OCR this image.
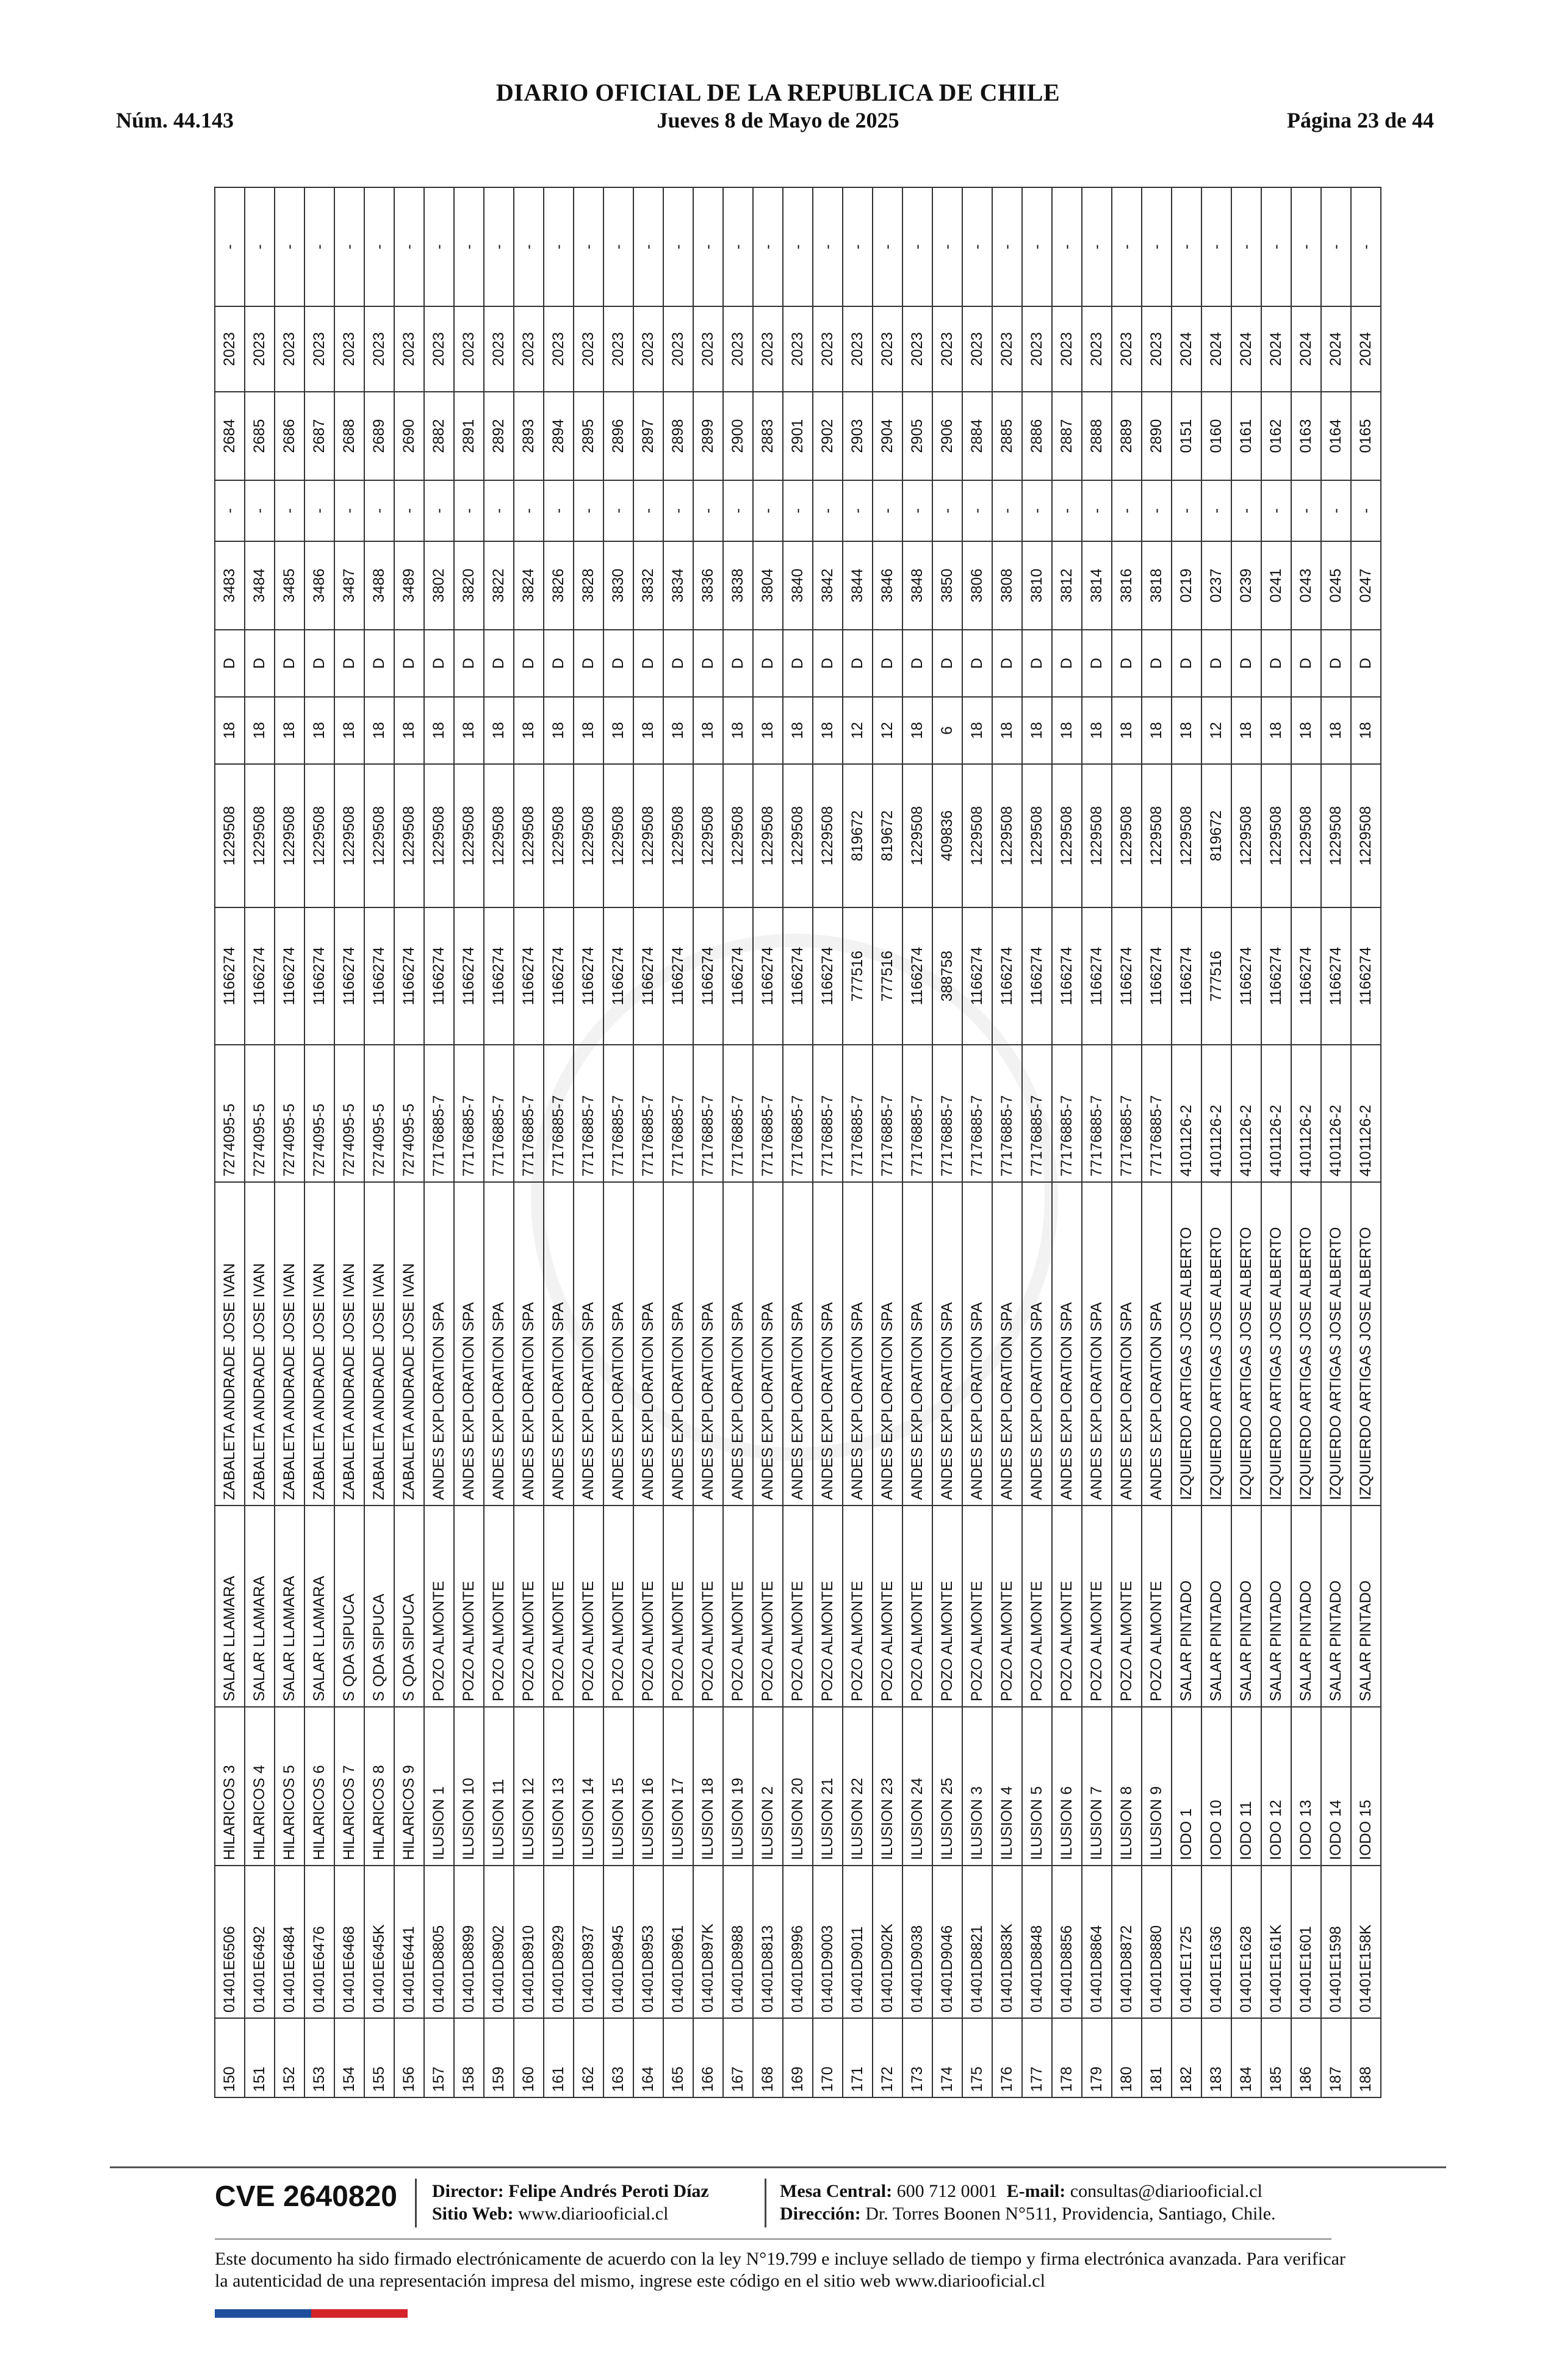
DIARIO OFICIAL DE LA REPUBLICA DE CHILE
Núm. 44.143	Jueves 8 de Mayo de 2025	Página 23 de 44
150	01401E6506	HILARICOS 3	SALAR LLAMARA	ZABALETA ANDRADE JOSE IVAN	7274095-5	1166274	1229508	18	D	3483	-	2684	2023	-
151	01401E6492	HILARICOS 4	SALAR LLAMARA	ZABALETA ANDRADE JOSE IVAN	7274095-5	1166274	1229508	18	D	3484	-	2685	2023	-
152	01401E6484	HILARICOS 5	SALAR LLAMARA	ZABALETA ANDRADE JOSE IVAN	7274095-5	1166274	1229508	18	D	3485	-	2686	2023	-
153	01401E6476	HILARICOS 6	SALAR LLAMARA	ZABALETA ANDRADE JOSE IVAN	7274095-5	1166274	1229508	18	D	3486	-	2687	2023	-
154	01401E6468	HILARICOS 7	S QDA SIPUCA	ZABALETA ANDRADE JOSE IVAN	7274095-5	1166274	1229508	18	D	3487	-	2688	2023	-
155	01401E645K	HILARICOS 8	S QDA SIPUCA	ZABALETA ANDRADE JOSE IVAN	7274095-5	1166274	1229508	18	D	3488	-	2689	2023	-
156	01401E6441	HILARICOS 9	S QDA SIPUCA	ZABALETA ANDRADE JOSE IVAN	7274095-5	1166274	1229508	18	D	3489	-	2690	2023	-
157	01401D8805	ILUSION 1	POZO ALMONTE	ANDES EXPLORATION SPA	77176885-7	1166274	1229508	18	D	3802	-	2882	2023	-
158	01401D8899	ILUSION 10	POZO ALMONTE	ANDES EXPLORATION SPA	77176885-7	1166274	1229508	18	D	3820	-	2891	2023	-
159	01401D8902	ILUSION 11	POZO ALMONTE	ANDES EXPLORATION SPA	77176885-7	1166274	1229508	18	D	3822	-	2892	2023	-
160	01401D8910	ILUSION 12	POZO ALMONTE	ANDES EXPLORATION SPA	77176885-7	1166274	1229508	18	D	3824	-	2893	2023	-
161	01401D8929	ILUSION 13	POZO ALMONTE	ANDES EXPLORATION SPA	77176885-7	1166274	1229508	18	D	3826	-	2894	2023	-
162	01401D8937	ILUSION 14	POZO ALMONTE	ANDES EXPLORATION SPA	77176885-7	1166274	1229508	18	D	3828	-	2895	2023	-
163	01401D8945	ILUSION 15	POZO ALMONTE	ANDES EXPLORATION SPA	77176885-7	1166274	1229508	18	D	3830	-	2896	2023	-
164	01401D8953	ILUSION 16	POZO ALMONTE	ANDES EXPLORATION SPA	77176885-7	1166274	1229508	18	D	3832	-	2897	2023	-
165	01401D8961	ILUSION 17	POZO ALMONTE	ANDES EXPLORATION SPA	77176885-7	1166274	1229508	18	D	3834	-	2898	2023	-
166	01401D897K	ILUSION 18	POZO ALMONTE	ANDES EXPLORATION SPA	77176885-7	1166274	1229508	18	D	3836	-	2899	2023	-
167	01401D8988	ILUSION 19	POZO ALMONTE	ANDES EXPLORATION SPA	77176885-7	1166274	1229508	18	D	3838	-	2900	2023	-
168	01401D8813	ILUSION 2	POZO ALMONTE	ANDES EXPLORATION SPA	77176885-7	1166274	1229508	18	D	3804	-	2883	2023	-
169	01401D8996	ILUSION 20	POZO ALMONTE	ANDES EXPLORATION SPA	77176885-7	1166274	1229508	18	D	3840	-	2901	2023	-
170	01401D9003	ILUSION 21	POZO ALMONTE	ANDES EXPLORATION SPA	77176885-7	1166274	1229508	18	D	3842	-	2902	2023	-
171	01401D9011	ILUSION 22	POZO ALMONTE	ANDES EXPLORATION SPA	77176885-7	777516	819672	12	D	3844	-	2903	2023	-
172	01401D902K	ILUSION 23	POZO ALMONTE	ANDES EXPLORATION SPA	77176885-7	777516	819672	12	D	3846	-	2904	2023	-
173	01401D9038	ILUSION 24	POZO ALMONTE	ANDES EXPLORATION SPA	77176885-7	1166274	1229508	18	D	3848	-	2905	2023	-
174	01401D9046	ILUSION 25	POZO ALMONTE	ANDES EXPLORATION SPA	77176885-7	388758	409836	6	D	3850	-	2906	2023	-
175	01401D8821	ILUSION 3	POZO ALMONTE	ANDES EXPLORATION SPA	77176885-7	1166274	1229508	18	D	3806	-	2884	2023	-
176	01401D883K	ILUSION 4	POZO ALMONTE	ANDES EXPLORATION SPA	77176885-7	1166274	1229508	18	D	3808	-	2885	2023	-
177	01401D8848	ILUSION 5	POZO ALMONTE	ANDES EXPLORATION SPA	77176885-7	1166274	1229508	18	D	3810	-	2886	2023	-
178	01401D8856	ILUSION 6	POZO ALMONTE	ANDES EXPLORATION SPA	77176885-7	1166274	1229508	18	D	3812	-	2887	2023	-
179	01401D8864	ILUSION 7	POZO ALMONTE	ANDES EXPLORATION SPA	77176885-7	1166274	1229508	18	D	3814	-	2888	2023	-
180	01401D8872	ILUSION 8	POZO ALMONTE	ANDES EXPLORATION SPA	77176885-7	1166274	1229508	18	D	3816	-	2889	2023	-
181	01401D8880	ILUSION 9	POZO ALMONTE	ANDES EXPLORATION SPA	77176885-7	1166274	1229508	18	D	3818	-	2890	2023	-
182	01401E1725	IODO 1	SALAR PINTADO	IZQUIERDO ARTIGAS JOSE ALBERTO	4101126-2	1166274	1229508	18	D	0219	-	0151	2024	-
183	01401E1636	IODO 10	SALAR PINTADO	IZQUIERDO ARTIGAS JOSE ALBERTO	4101126-2	777516	819672	12	D	0237	-	0160	2024	-
184	01401E1628	IODO 11	SALAR PINTADO	IZQUIERDO ARTIGAS JOSE ALBERTO	4101126-2	1166274	1229508	18	D	0239	-	0161	2024	-
185	01401E161K	IODO 12	SALAR PINTADO	IZQUIERDO ARTIGAS JOSE ALBERTO	4101126-2	1166274	1229508	18	D	0241	-	0162	2024	-
186	01401E1601	IODO 13	SALAR PINTADO	IZQUIERDO ARTIGAS JOSE ALBERTO	4101126-2	1166274	1229508	18	D	0243	-	0163	2024	-
187	01401E1598	IODO 14	SALAR PINTADO	IZQUIERDO ARTIGAS JOSE ALBERTO	4101126-2	1166274	1229508	18	D	0245	-	0164	2024	-
188	01401E158K	IODO 15	SALAR PINTADO	IZQUIERDO ARTIGAS JOSE ALBERTO	4101126-2	1166274	1229508	18	D	0247	-	0165	2024	-
CVE 2640820 Director: Felipe Andrés Peroti Díaz
Sitio Web: www.diariooficial.cl
Mesa Central: 600 712 0001 E-mail: consultas@diariooficial.cl
Dirección: Dr. Torres Boonen N°511, Providencia, Santiago, Chile.
Este documento ha sido firmado electrónicamente de acuerdo con la ley N°19.799 e incluye sellado de tiempo y firma electrónica avanzada. Para verificar la autenticidad de una representación impresa del mismo, ingrese este código en el sitio web www.diariooficial.cl
